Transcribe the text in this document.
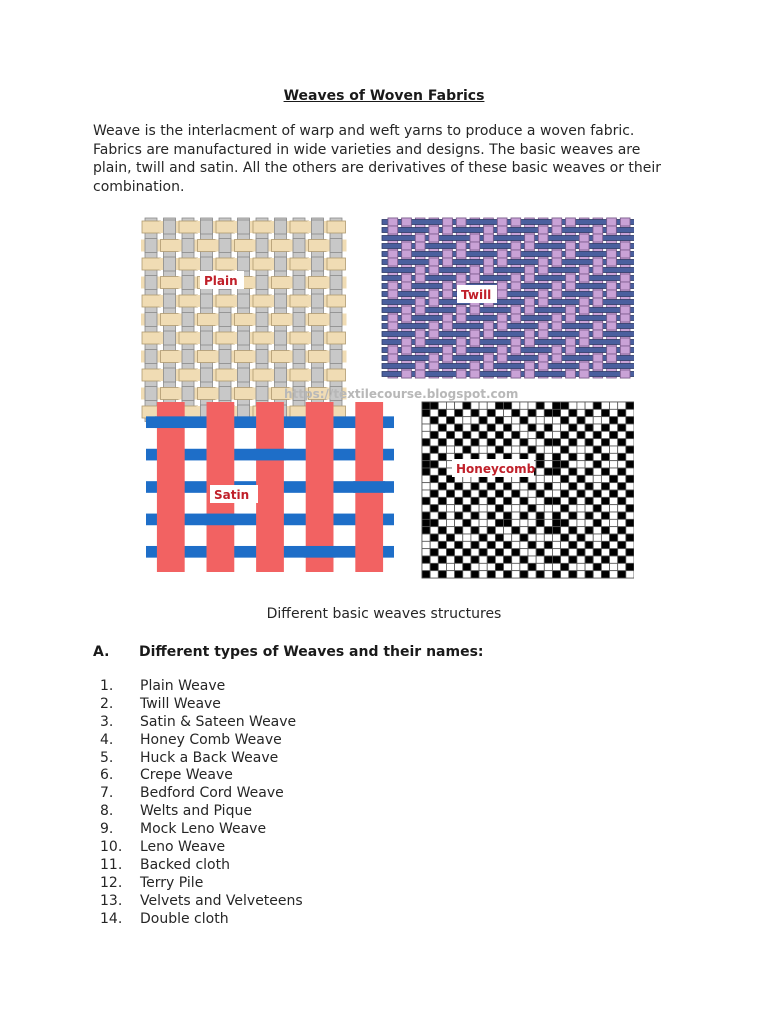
Weaves of Woven Fabrics
Weave is the interlacment of warp and weft yarns to produce a woven fabric. Fabrics are manufactured in wide varieties and designs. The basic weaves are plain, twill and satin. All the others are derivatives of these basic weaves or their combination.
https://textilecourse.blogspot.com
Plain
Twill
Satin
Honeycomb
Different basic weaves structures
A. Different types of Weaves and their names:
1.	Plain Weave
2.	Twill Weave
3.	Satin & Sateen Weave
4.	Honey Comb Weave
5.	Huck a Back Weave
6.	Crepe Weave
7.	Bedford Cord Weave
8.	Welts and Pique
9.	Mock Leno Weave
10.	Leno Weave
11.	Backed cloth
12.	Terry Pile
13.	Velvets and Velveteens
14.	Double cloth
